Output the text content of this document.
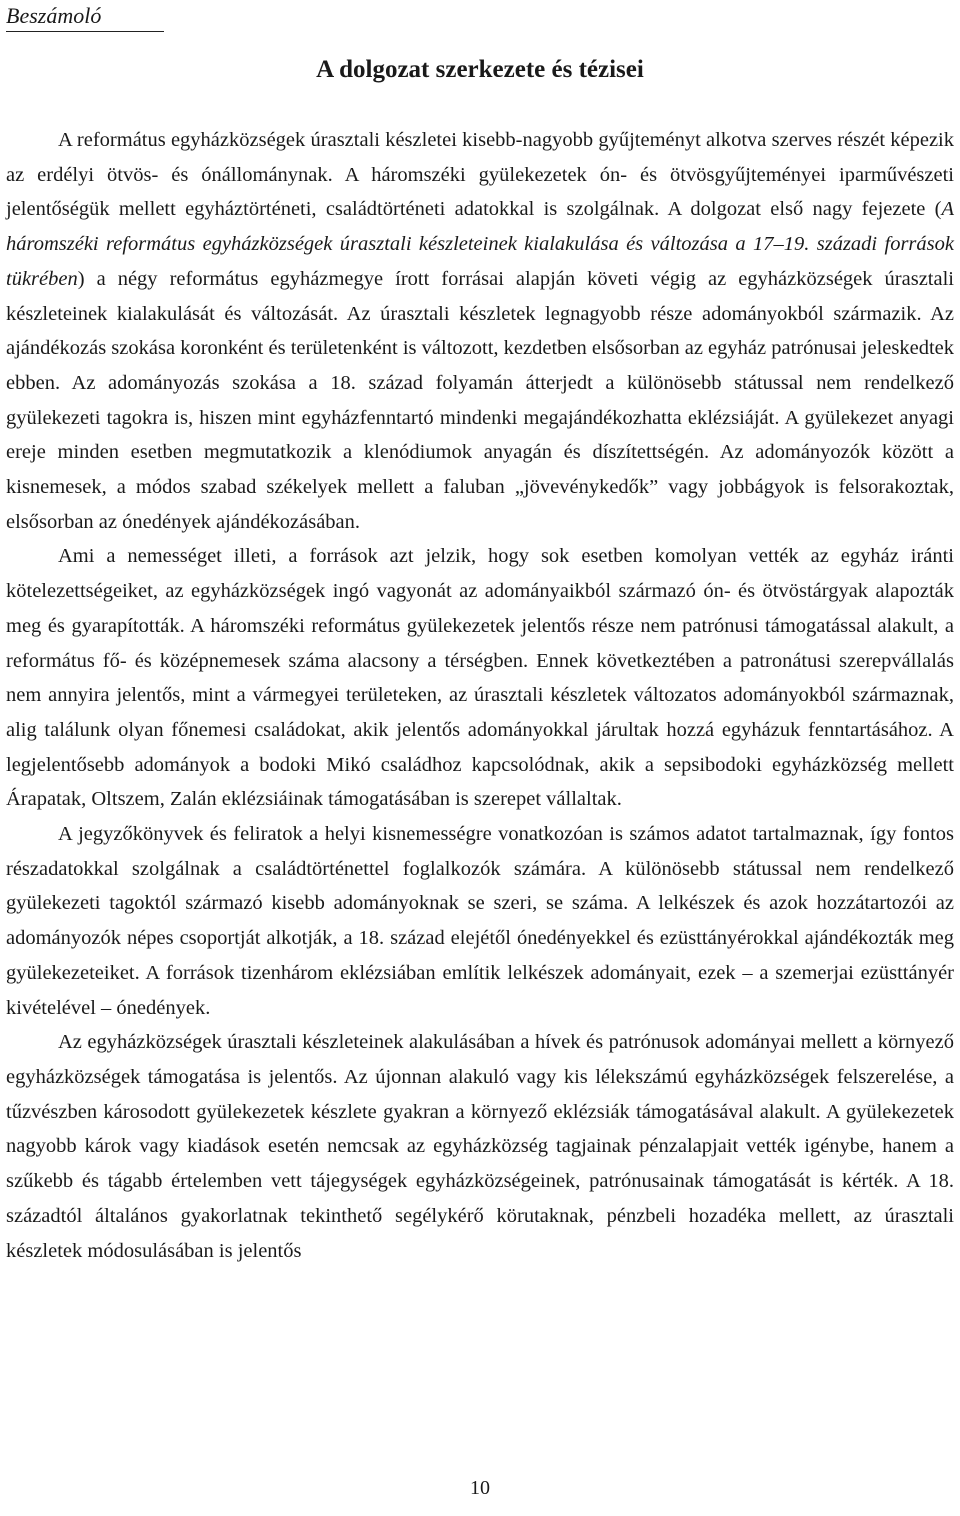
Beszámoló
A dolgozat szerkezete és tézisei

A református egyházközségek úrasztali készletei kisebb-nagyobb gyűjteményt alkotva szerves részét képezik az erdélyi ötvös- és ónállománynak. A háromszéki gyülekezetek ón- és ötvösgyűjteményei iparművészeti jelentőségük mellett egyháztörténeti, családtörténeti adatokkal is szolgálnak. A dolgozat első nagy fejezete (A háromszéki református egyházközségek úrasztali készleteinek kialakulása és változása a 17–19. századi források tükrében) a négy református egyházmegye írott forrásai alapján követi végig az egyházközségek úrasztali készleteinek kialakulását és változását. Az úrasztali készletek legnagyobb része adományokból származik. Az ajándékozás szokása koronként és területenként is változott, kezdetben elsősorban az egyház patrónusai jeleskedtek ebben. Az adományozás szokása a 18. század folyamán átterjedt a különösebb státussal nem rendelkező gyülekezeti tagokra is, hiszen mint egyházfenntartó mindenki megajándékozhatta eklézsiáját. A gyülekezet anyagi ereje minden esetben megmutatkozik a klenódiumok anyagán és díszítettségén. Az adományozók között a kisnemesek, a módos szabad székelyek mellett a faluban „jövevénykedők” vagy jobbágyok is felsorakoztak, elsősorban az ónedények ajándékozásában.

Ami a nemességet illeti, a források azt jelzik, hogy sok esetben komolyan vették az egyház iránti kötelezettségeiket, az egyházközségek ingó vagyonát az adományaikból származó ón- és ötvöstárgyak alapozták meg és gyarapították. A háromszéki református gyülekezetek jelentős része nem patrónusi támogatással alakult, a református fő- és középnemesek száma alacsony a térségben. Ennek következtében a patronátusi szerepvállalás nem annyira jelentős, mint a vármegyei területeken, az úrasztali készletek változatos adományokból származnak, alig találunk olyan főnemesi családokat, akik jelentős adományokkal járultak hozzá egyházuk fenntartásához. A legjelentősebb adományok a bodoki Mikó családhoz kapcsolódnak, akik a sepsibodoki egyházközség mellett Árapatak, Oltszem, Zalán eklézsiáinak támogatásában is szerepet vállaltak.

A jegyzőkönyvek és feliratok a helyi kisnemességre vonatkozóan is számos adatot tartalmaznak, így fontos részadatokkal szolgálnak a családtörténettel foglalkozók számára. A különösebb státussal nem rendelkező gyülekezeti tagoktól származó kisebb adományoknak se szeri, se száma. A lelkészek és azok hozzátartozói az adományozók népes csoportját alkotják, a 18. század elejétől ónedényekkel és ezüsttányérokkal ajándékozták meg gyülekezeteiket. A források tizenhárom eklézsiában említik lelkészek adományait, ezek – a szemerjai ezüsttányér kivételével – ónedények.

Az egyházközségek úrasztali készleteinek alakulásában a hívek és patrónusok adományai mellett a környező egyházközségek támogatása is jelentős. Az újonnan alakuló vagy kis lélekszámú egyházközségek felszerelése, a tűzvészben károsodott gyülekezetek készlete gyakran a környező eklézsiák támogatásával alakult. A gyülekezetek nagyobb károk vagy kiadások esetén nemcsak az egyházközség tagjainak pénzalapjait vették igénybe, hanem a szűkebb és tágabb értelemben vett tájegységek egyházközségeinek, patrónusainak támogatását is kérték. A 18. századtól általános gyakorlatnak tekinthető segélykérő körutaknak, pénzbeli hozadéka mellett, az úrasztali készletek módosulásában is jelentős

10
